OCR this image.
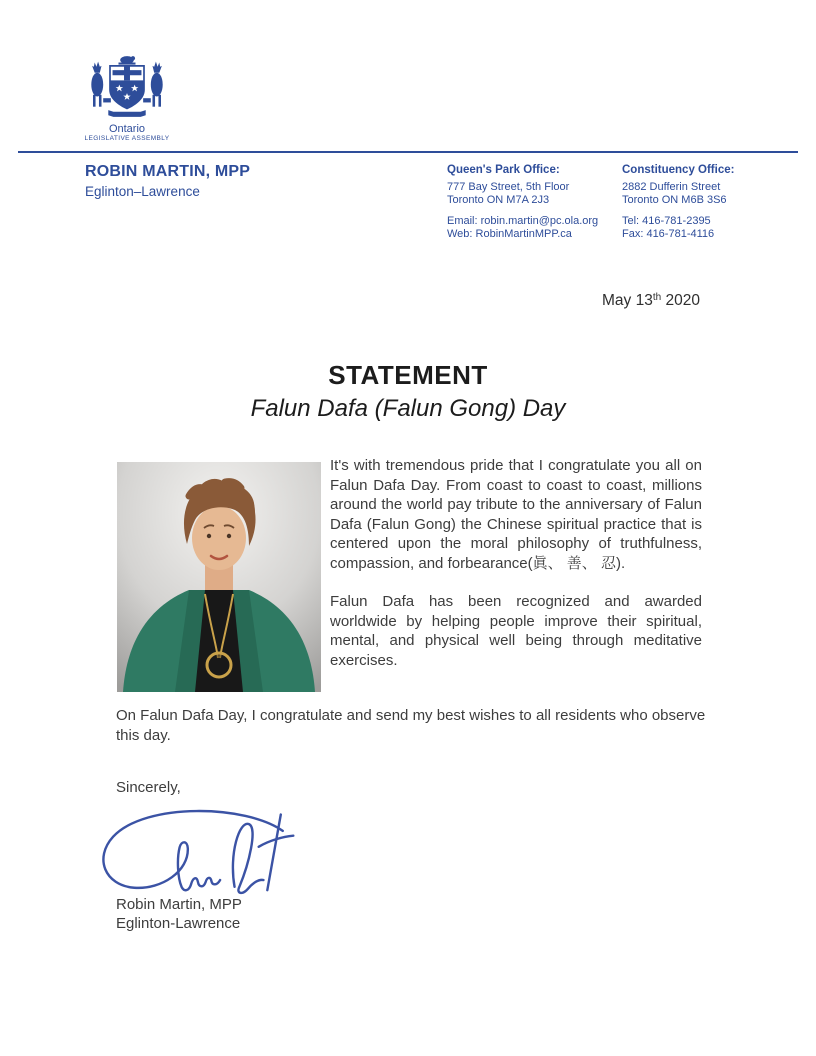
Ontario
LEGISLATIVE ASSEMBLY
ROBIN MARTIN, MPP
Eglinton–Lawrence
Queen's Park Office:
777 Bay Street, 5th Floor
Toronto ON M7A 2J3
Email: robin.martin@pc.ola.org
Web: RobinMartinMPP.ca
Constituency Office:
2882 Dufferin Street
Toronto ON M6B 3S6
Tel: 416-781-2395
Fax: 416-781-4116
May 13th 2020
STATEMENT
Falun Dafa (Falun Gong) Day

It's with tremendous pride that I congratulate you all on Falun Dafa Day. From coast to coast to coast, millions around the world pay tribute to the anniversary of Falun Dafa (Falun Gong) the Chinese spiritual practice that is centered upon the moral philosophy of truthfulness, compassion, and forbearance(眞、 善、 忍).

Falun Dafa has been recognized and awarded worldwide by helping people improve their spiritual, mental, and physical well being through meditative exercises.

On Falun Dafa Day, I congratulate and send my best wishes to all residents who observe this day.

Sincerely,
Robin Martin, MPP
Eglinton-Lawrence
